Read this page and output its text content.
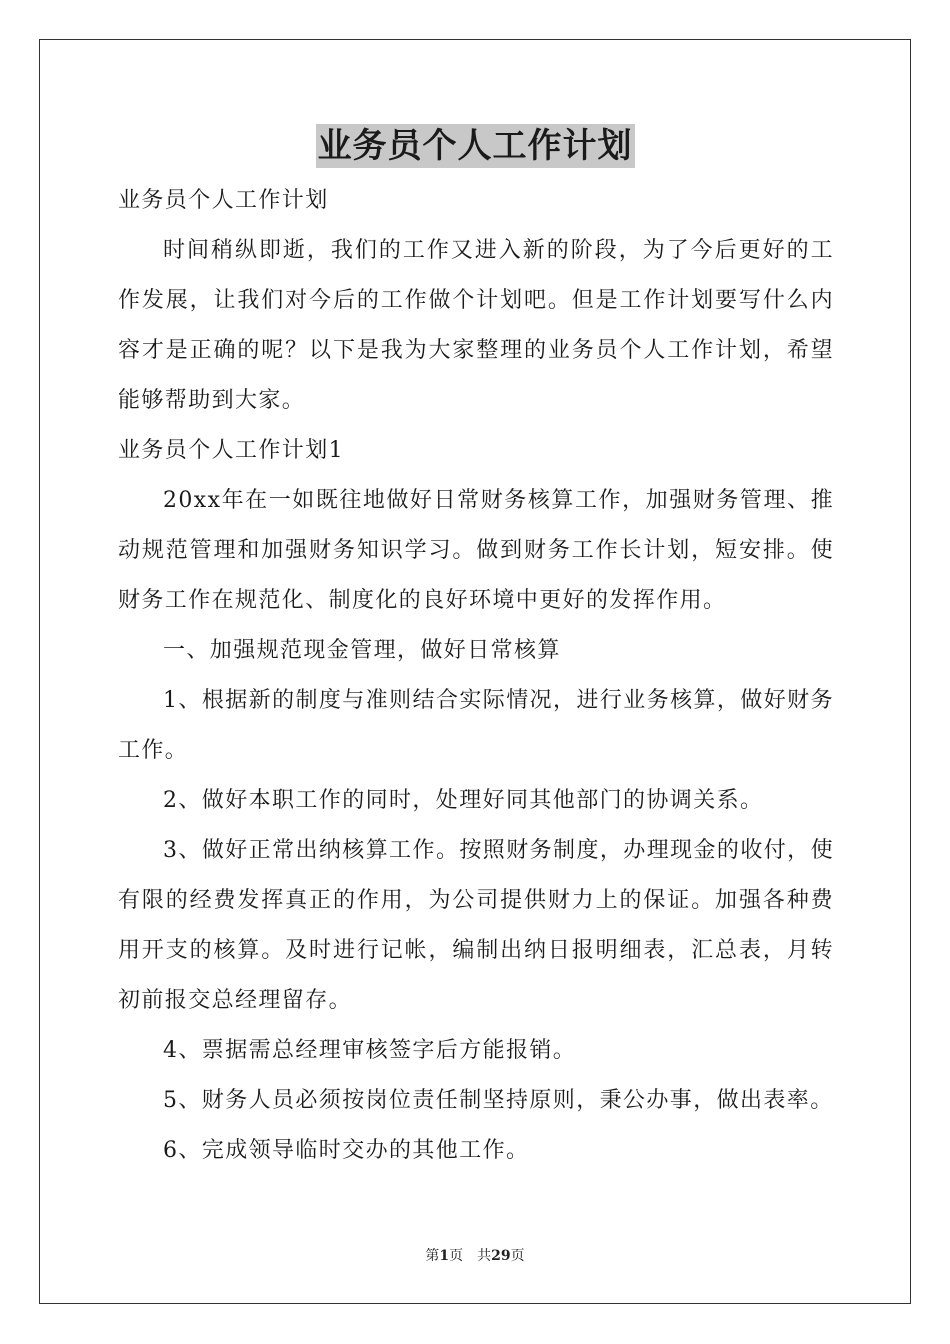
业务员个人工作计划

业务员个人工作计划

时间稍纵即逝，我们的工作又进入新的阶段，为了今后更好的工作发展，让我们对今后的工作做个计划吧。但是工作计划要写什么内容才是正确的呢？以下是我为大家整理的业务员个人工作计划，希望能够帮助到大家。

业务员个人工作计划1

20xx年在一如既往地做好日常财务核算工作，加强财务管理、推动规范管理和加强财务知识学习。做到财务工作长计划，短安排。使财务工作在规范化、制度化的良好环境中更好的发挥作用。

一、加强规范现金管理，做好日常核算

1、根据新的制度与准则结合实际情况，进行业务核算，做好财务工作。

2、做好本职工作的同时，处理好同其他部门的协调关系。

3、做好正常出纳核算工作。按照财务制度，办理现金的收付，使有限的经费发挥真正的作用，为公司提供财力上的保证。加强各种费用开支的核算。及时进行记帐，编制出纳日报明细表，汇总表，月转初前报交总经理留存。

4、票据需总经理审核签字后方能报销。

5、财务人员必须按岗位责任制坚持原则，秉公办事，做出表率。

6、完成领导临时交办的其他工作。

第1页 共29页
